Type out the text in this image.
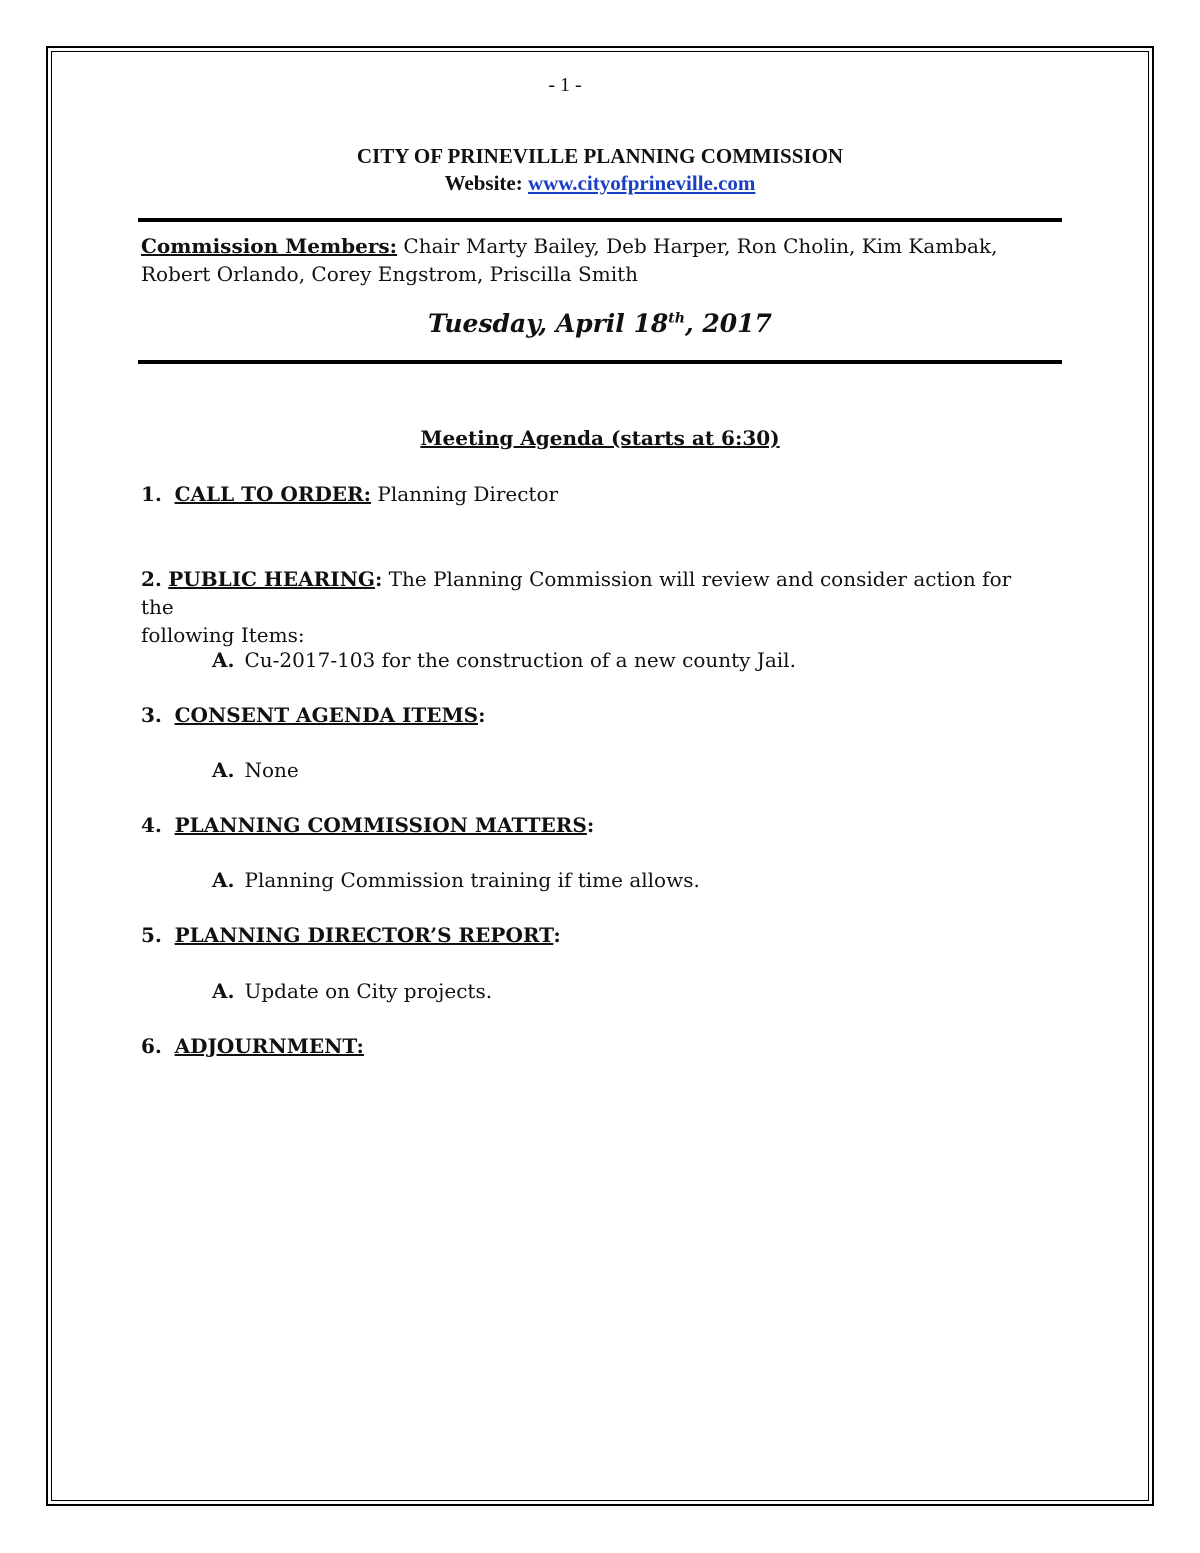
- 1 -
CITY OF PRINEVILLE PLANNING COMMISSION
Website: www.cityofprineville.com
Commission Members: Chair Marty Bailey, Deb Harper, Ron Cholin, Kim Kambak,
Robert Orlando, Corey Engstrom, Priscilla Smith
Tuesday, April 18th, 2017
Meeting Agenda (starts at 6:30)
1. CALL TO ORDER: Planning Director
2. PUBLIC HEARING: The Planning Commission will review and consider action for the
following Items:
A. Cu-2017-103 for the construction of a new county Jail.
3. CONSENT AGENDA ITEMS:
A. None
4. PLANNING COMMISSION MATTERS:
A. Planning Commission training if time allows.
5. PLANNING DIRECTOR’S REPORT:
A. Update on City projects.
6. ADJOURNMENT:
